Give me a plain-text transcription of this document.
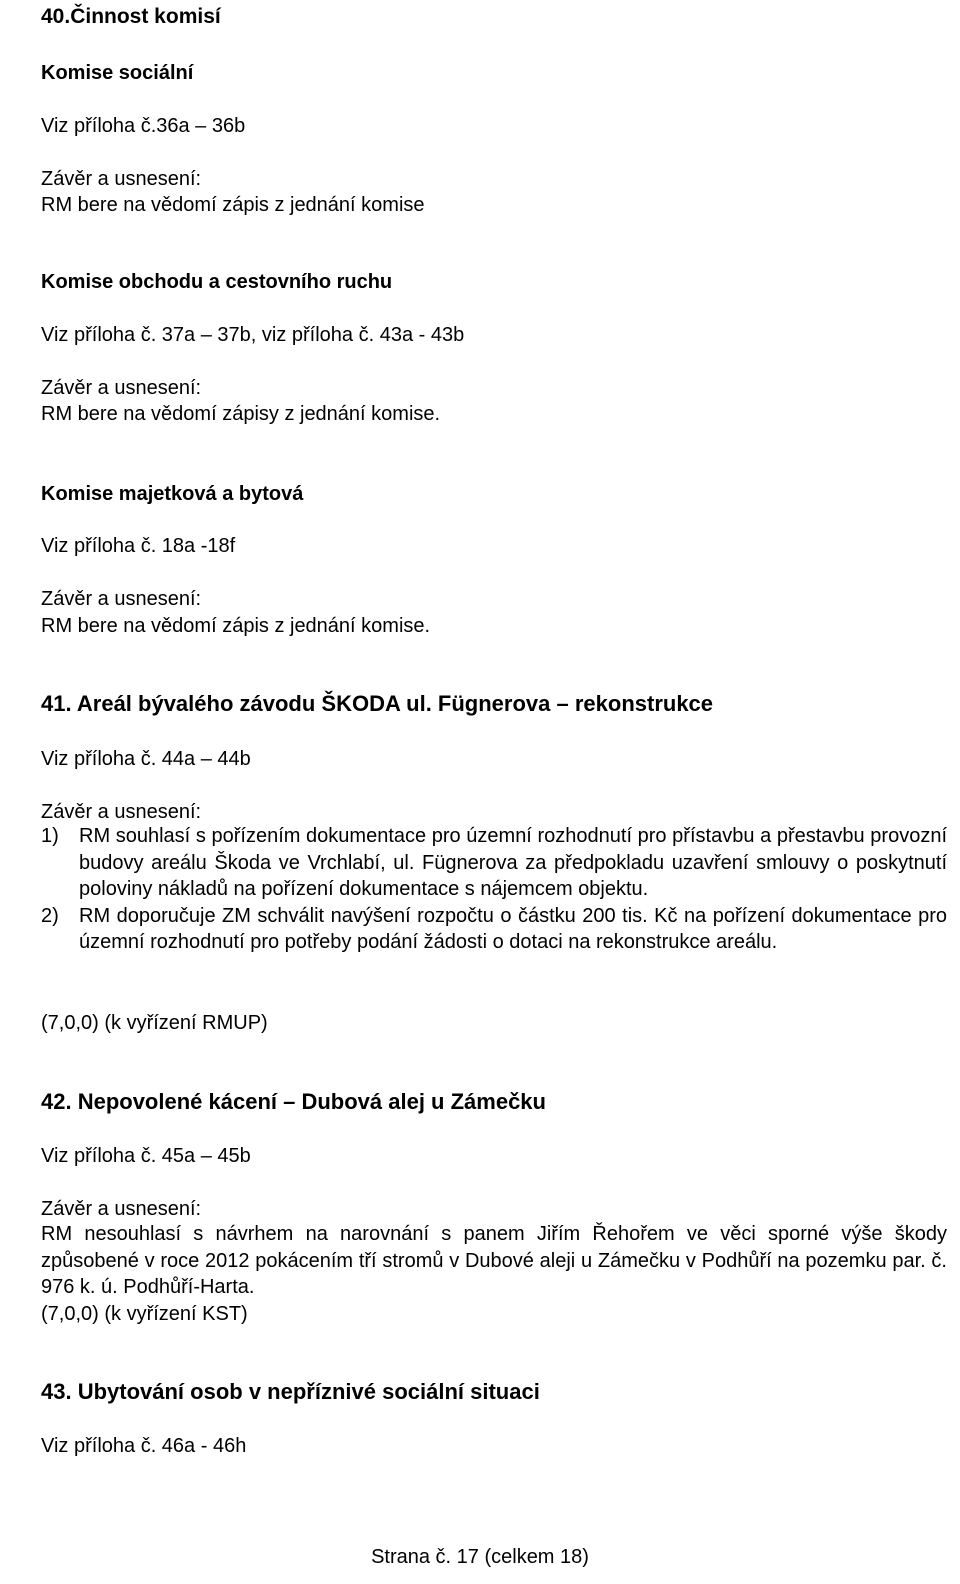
40.Činnost komisí
Komise sociální

Viz příloha č.36a – 36b

Závěr a usnesení:

RM bere na vědomí zápis z jednání komise

Komise obchodu a cestovního ruchu

Viz příloha č. 37a – 37b, viz příloha č. 43a - 43b

Závěr a usnesení:

RM bere na vědomí zápisy z jednání komise.

Komise majetková a bytová

Viz příloha č. 18a -18f

Závěr a usnesení:

RM bere na vědomí zápis z jednání komise.

41. Areál bývalého závodu ŠKODA ul. Fügnerova – rekonstrukce

Viz příloha č. 44a – 44b

Závěr a usnesení:

1) RM souhlasí s pořízením dokumentace pro územní rozhodnutí pro přístavbu a přestavbu provozní budovy areálu Škoda ve Vrchlabí, ul. Fügnerova za předpokladu uzavření smlouvy o poskytnutí poloviny nákladů na pořízení dokumentace s nájemcem objektu.
2) RM doporučuje ZM schválit navýšení rozpočtu o částku 200 tis. Kč na pořízení dokumentace pro územní rozhodnutí pro potřeby podání žádosti o dotaci na rekonstrukce areálu.

(7,0,0) (k vyřízení RMUP)

42. Nepovolené kácení – Dubová alej u Zámečku

Viz příloha č. 45a – 45b

Závěr a usnesení:

RM nesouhlasí s návrhem na narovnání s panem Jiřím Řehořem ve věci sporné výše škody způsobené v roce 2012 pokácením tří stromů v Dubové aleji u Zámečku v Podhůří na pozemku par. č. 976 k. ú. Podhůří-Harta.

(7,0,0) (k vyřízení KST)

43. Ubytování osob v nepříznivé sociální situaci

Viz příloha č. 46a - 46h

Strana č. 17 (celkem 18)
